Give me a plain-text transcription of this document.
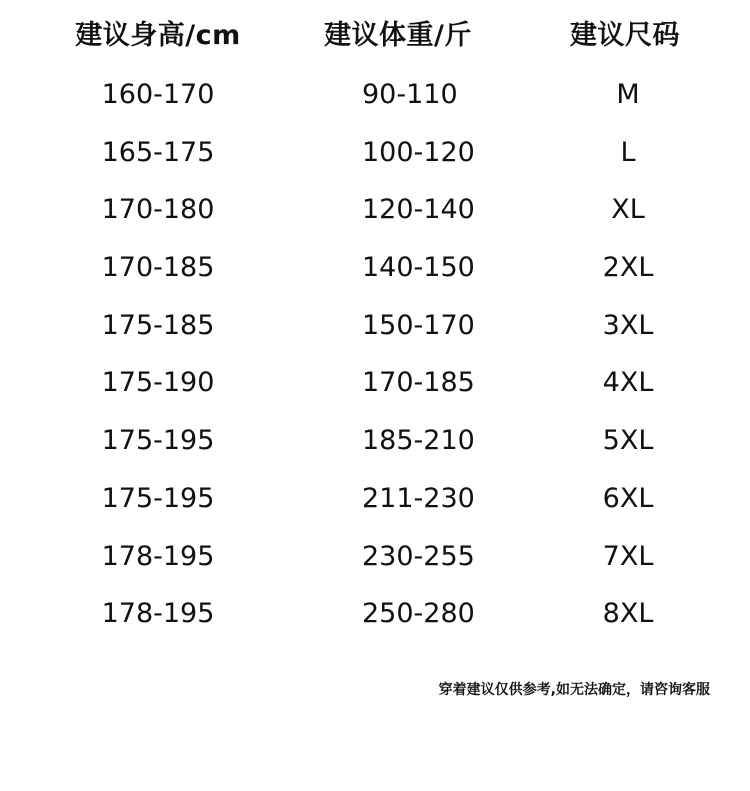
建议身高/cm	建议体重/斤	建议尺码
160-170	90-110	M
165-175	100-120	L
170-180	120-140	XL
170-185	140-150	2XL
175-185	150-170	3XL
175-190	170-185	4XL
175-195	185-210	5XL
175-195	211-230	6XL
178-195	230-255	7XL
178-195	250-280	8XL
穿着建议仅供参考,如无法确定，请咨询客服
